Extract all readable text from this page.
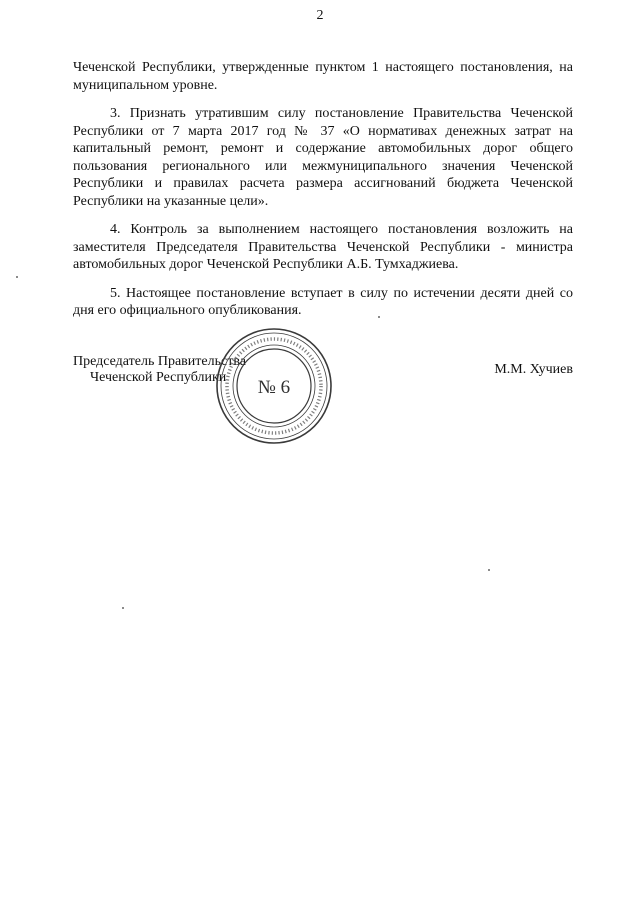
2

Чеченской Республики, утвержденные пунктом 1 настоящего постановления, на муниципальном уровне.

3. Признать утратившим силу постановление Правительства Чеченской Республики от 7 марта 2017 год № 37 «О нормативах денежных затрат на капитальный ремонт, ремонт и содержание автомобильных дорог общего пользования регионального или межмуниципального значения Чеченской Республики и правилах расчета размера ассигнований бюджета Чеченской Республики на указанные цели».

4. Контроль за выполнением настоящего постановления возложить на заместителя Председателя Правительства Чеченской Республики - министра автомобильных дорог Чеченской Республики А.Б. Тумхаджиева.

5. Настоящее постановление вступает в силу по истечении десяти дней со дня его официального опубликования.

Председатель Правительства
Чеченской Республики
М.М. Хучиев
№ 6
